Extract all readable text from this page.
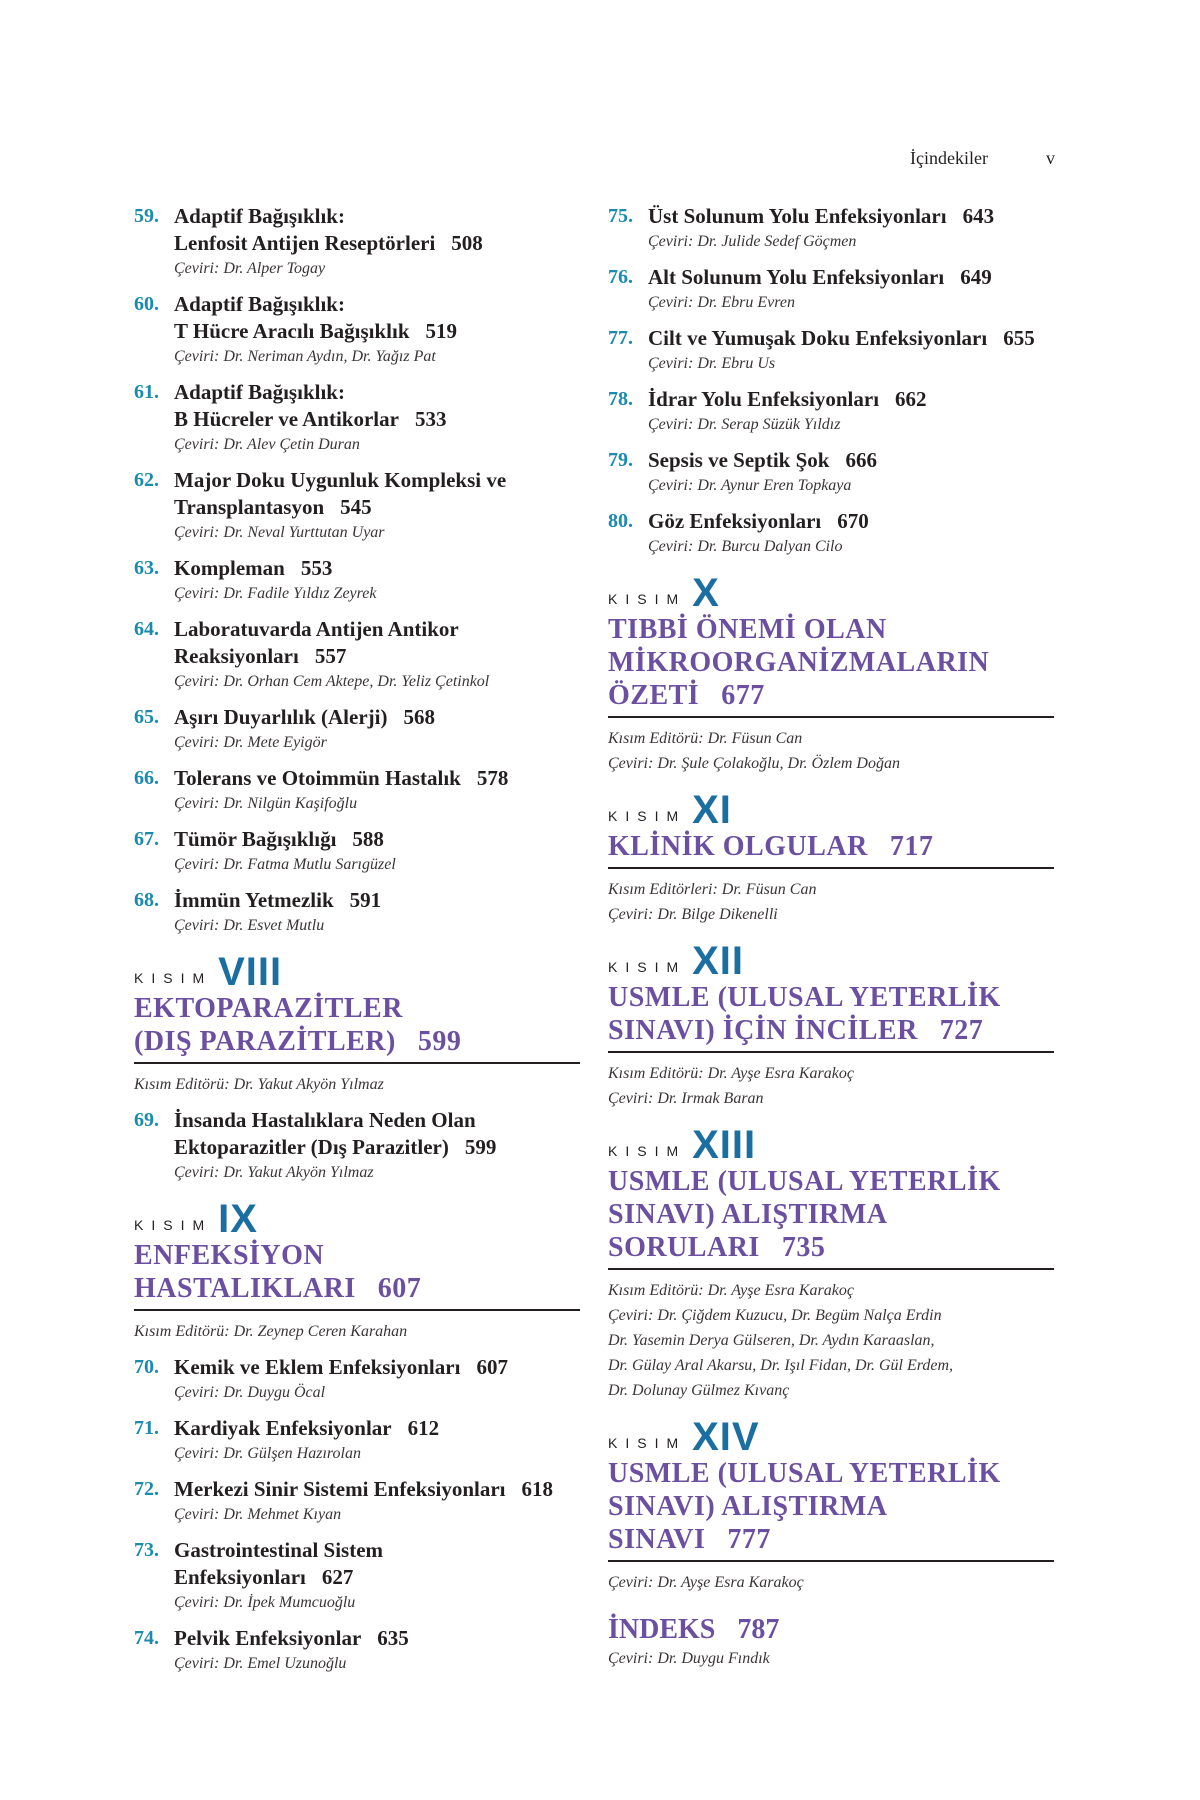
İçindekiler	v
59. Adaptif Bağışıklık:
Lenfosit Antijen Reseptörleri 508
Çeviri: Dr. Alper Togay
60. Adaptif Bağışıklık:
T Hücre Aracılı Bağışıklık 519
Çeviri: Dr. Neriman Aydın, Dr. Yağız Pat
61. Adaptif Bağışıklık:
B Hücreler ve Antikorlar 533
Çeviri: Dr. Alev Çetin Duran
62. Major Doku Uygunluk Kompleksi ve
Transplantasyon 545
Çeviri: Dr. Neval Yurttutan Uyar
63. Kompleman 553
Çeviri: Dr. Fadile Yıldız Zeyrek
64. Laboratuvarda Antijen Antikor
Reaksiyonları 557
Çeviri: Dr. Orhan Cem Aktepe, Dr. Yeliz Çetinkol
65. Aşırı Duyarlılık (Alerji) 568
Çeviri: Dr. Mete Eyigör
66. Tolerans ve Otoimmün Hastalık 578
Çeviri: Dr. Nilgün Kaşifoğlu
67. Tümör Bağışıklığı 588
Çeviri: Dr. Fatma Mutlu Sarıgüzel
68. İmmün Yetmezlik 591
Çeviri: Dr. Esvet Mutlu
KISIM VIII
EKTOPARAZİTLER
(DIŞ PARAZİTLER) 599
Kısım Editörü: Dr. Yakut Akyön Yılmaz
69. İnsanda Hastalıklara Neden Olan
Ektoparazitler (Dış Parazitler) 599
Çeviri: Dr. Yakut Akyön Yılmaz
KISIM IX
ENFEKSİYON
HASTALIKLARI 607
Kısım Editörü: Dr. Zeynep Ceren Karahan
70. Kemik ve Eklem Enfeksiyonları 607
Çeviri: Dr. Duygu Öcal
71. Kardiyak Enfeksiyonlar 612
Çeviri: Dr. Gülşen Hazırolan
72. Merkezi Sinir Sistemi Enfeksiyonları 618
Çeviri: Dr. Mehmet Kıyan
73. Gastrointestinal Sistem
Enfeksiyonları 627
Çeviri: Dr. İpek Mumcuoğlu
74. Pelvik Enfeksiyonlar 635
Çeviri: Dr. Emel Uzunoğlu
75. Üst Solunum Yolu Enfeksiyonları 643
Çeviri: Dr. Julide Sedef Göçmen
76. Alt Solunum Yolu Enfeksiyonları 649
Çeviri: Dr. Ebru Evren
77. Cilt ve Yumuşak Doku Enfeksiyonları 655
Çeviri: Dr. Ebru Us
78. İdrar Yolu Enfeksiyonları 662
Çeviri: Dr. Serap Süzük Yıldız
79. Sepsis ve Septik Şok 666
Çeviri: Dr. Aynur Eren Topkaya
80. Göz Enfeksiyonları 670
Çeviri: Dr. Burcu Dalyan Cilo
KISIM X
TIBBİ ÖNEMİ OLAN
MİKROORGANİZMALARIN
ÖZETİ 677
Kısım Editörü: Dr. Füsun Can
Çeviri: Dr. Şule Çolakoğlu, Dr. Özlem Doğan
KISIM XI
KLİNİK OLGULAR 717
Kısım Editörleri: Dr. Füsun Can
Çeviri: Dr. Bilge Dikenelli
KISIM XII
USMLE (ULUSAL YETERLİK
SINAVI) İÇİN İNCİLER 727
Kısım Editörü: Dr. Ayşe Esra Karakoç
Çeviri: Dr. Irmak Baran
KISIM XIII
USMLE (ULUSAL YETERLİK
SINAVI) ALIŞTIRMA
SORULARI 735
Kısım Editörü: Dr. Ayşe Esra Karakoç
Çeviri: Dr. Çiğdem Kuzucu, Dr. Begüm Nalça Erdin
Dr. Yasemin Derya Gülseren, Dr. Aydın Karaaslan,
Dr. Gülay Aral Akarsu, Dr. Işıl Fidan, Dr. Gül Erdem,
Dr. Dolunay Gülmez Kıvanç
KISIM XIV
USMLE (ULUSAL YETERLİK
SINAVI) ALIŞTIRMA SINAVI 777
Çeviri: Dr. Ayşe Esra Karakoç
İNDEKS 787
Çeviri: Dr. Duygu Fındık
